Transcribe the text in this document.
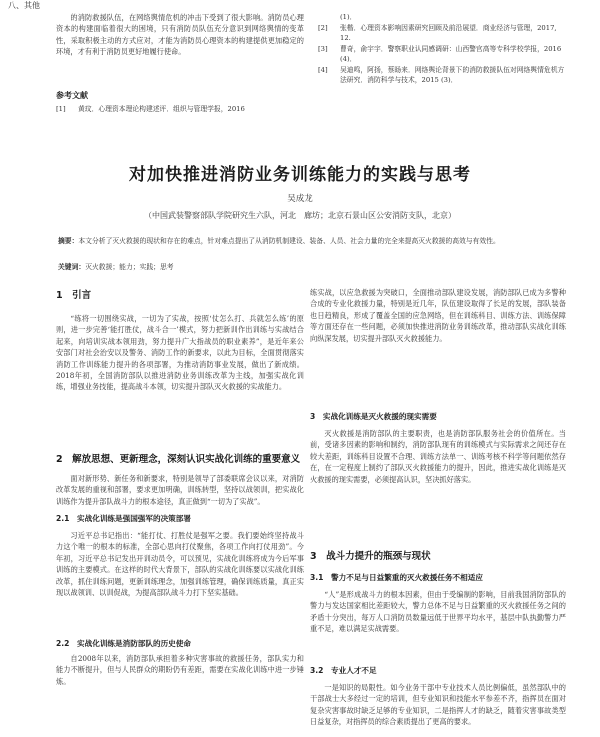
八、其他

的消防救援队伍，在网络舆情危机的冲击下受到了很大影响。消防员心理资本的构建面临着很大的困境，只有消防员队伍充分意识到网络舆情的变革性，采取积极主动的方式应对，才能为消防员心理资本的构建提供更加稳定的环境，才有利于消防员更好地履行使命。

参考文献
[1]	黄玟．心理资本理论构建述评．组织与管理学报，2016
(1)．
[2]	张楷．心理资本影响因素研究回顾及前沿展望．商业经济与管理，2017, 12.
[3]	曹奇，俞宇宇．警察职业认同感调研：山西警官高等专科学校学报，2016 (4)．
[4]	吴迪鸣，阿扬，蔡旸来．网络舆论背景下的消防救援队伍对网络舆情危机方法研究．消防科学与技术，2015 (3)．
对加快推进消防业务训练能力的实践与思考
吴成龙
（中国武装警察部队学院研究生六队，河北　廊坊；北京石景山区公安消防支队，北京）
摘要：本文分析了灭火救援的现状和存在的难点，针对难点提出了从消防机制建设、装备、人员、社会力量的完全来提高灭火救援的高效与有效性。
关键词：灭火救援；能力；实践；思考
1　引言

“练将一切围绕实战，一切为了实战，按照‘仗怎么打、兵就怎么练’的原则，进一步完善‘能打胜仗，战斗合一’模式，努力把新训作出训练与实战结合起来，向培训实战本领用劲，努力提升广大指战员的职业素养”，是近年来公安部门对社会治安以及警务、消防工作的新要求，以此为目标，全面贯彻落实消防工作训练能力提升的各项部署，为推动消防事业发展，做出了新成绩。2018年初，全国消防部队以推进消防业务训练改革为主线，加强实战化训练，增强业务技能，提高战斗本领，切实提升部队灭火救援的实战能力。

2　解放思想、更新理念，深刻认识实战化训练的重要意义

面对新形势、新任务和新要求，特别是领导了部委联席会议以来，对消防改革发展的重视和部署，要求更加明确，训练转型，坚持以战领训，把实战化训练作为提升部队战斗力的根本途径，真正做到“一切为了实战”。

2.1　实战化训练是强国强军的决策部署

习近平总书记指出：“能打仗、打胜仗是强军之要。我们要始终坚持战斗力这个唯一的根本的标准，全部心思向打仗聚焦，各项工作向打仗用劲”。今年初，习近平总书记发出开训动员令，可以预见，实战化训练将成为今后军事训练的主要模式。在这样的时代大背景下，部队的实战化训练要以实战化训练改革，抓住训练问题，更新训练理念，加强训练管理，确保训练质量，真正实现以战领训、以训促战，为提高部队战斗力打下坚实基础。

2.2　实战化训练是消防部队的历史使命

自2008年以来，消防部队承担着多种灾害事故的救援任务，部队实力和能力不断提升，但与人民群众的期盼仍有差距，需要在实战化训练中进一步锤炼。

练实战，以应急救援为突破口，全面推动部队建设发展，消防部队已成为多警种合成的专业化救援力量，特别是近几年，队伍建设取得了长足的发展，部队装备也日趋精良，形成了覆盖全国的应急网络，但在训练科目、训练方法、训练保障等方面还存在一些问题，必须加快推进消防业务训练改革，推动部队实战化训练向纵深发展，切实提升部队灭火救援能力。

3　实战化训练是灭火救援的现实需要

灭火救援是消防部队的主要职责，也是消防部队服务社会的价值所在。当前，受诸多因素的影响和制约，消防部队现有的训练模式与实际需求之间还存在较大差距，训练科目设置不合理、训练方法单一、训练考核不科学等问题依然存在，在一定程度上制约了部队灭火救援能力的提升，因此，推进实战化训练是灭火救援的现实需要，必须提高认识，坚决抓好落实。

3　战斗力提升的瓶颈与现状
3.1　警力不足与日益繁重的灭火救援任务不相适应

“人”是形成战斗力的根本因素，但由于受编制的影响，目前我国消防部队的警力与发达国家相比差距较大，警力总体不足与日益繁重的灭火救援任务之间的矛盾十分突出，每万人口消防员数量远低于世界平均水平，基层中队执勤警力严重不足，难以满足实战需要。

3.2　专业人才不足

一是知识的局限性。如今业务干部中专业技术人员比例偏低，虽然部队中的干部战士大多经过一定的培训，但专业知识和技能水平参差不齐，指挥员在面对复杂灾害事故时缺乏足够的专业知识，二是指挥人才的缺乏，随着灾害事故类型日益复杂，对指挥员的综合素质提出了更高的要求。
